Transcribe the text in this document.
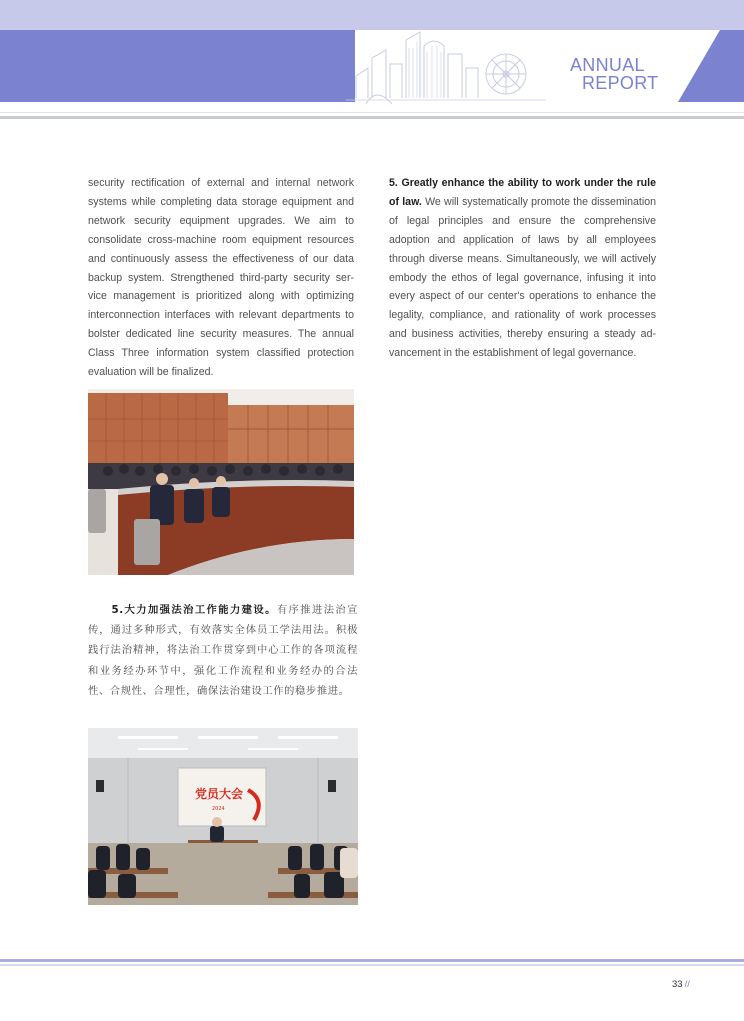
ANNUAL
REPORT

security rectification of external and internal network systems while completing data storage equipment and network security equipment upgrades. We aim to consolidate cross-machine room equipment resources and continuously assess the effectiveness of our data backup system. Strengthened third-party security service management is prioritized along with optimizing interconnection interfaces with relevant departments to bolster dedicated line security measures. The annual Class Three information system classified protection evaluation will be finalized.

5. Greatly enhance the ability to work under the rule of law. We will systematically promote the dissemination of legal principles and ensure the comprehensive adoption and application of laws by all employees through diverse means. Simultaneously, we will actively embody the ethos of legal governance, infusing it into every aspect of our center's operations to enhance the legality, compliance, and rationality of work processes and business activities, thereby ensuring a steady advancement in the establishment of legal governance.

　　5.大力加强法治工作能力建设。有序推进法治宣传，通过多种形式，有效落实全体员工学法用法。积极践行法治精神，将法治工作贯穿到中心工作的各项流程和业务经办环节中，强化工作流程和业务经办的合法性、合规性、合理性，确保法治建设工作的稳步推进。

党员大会
2024
33 //
